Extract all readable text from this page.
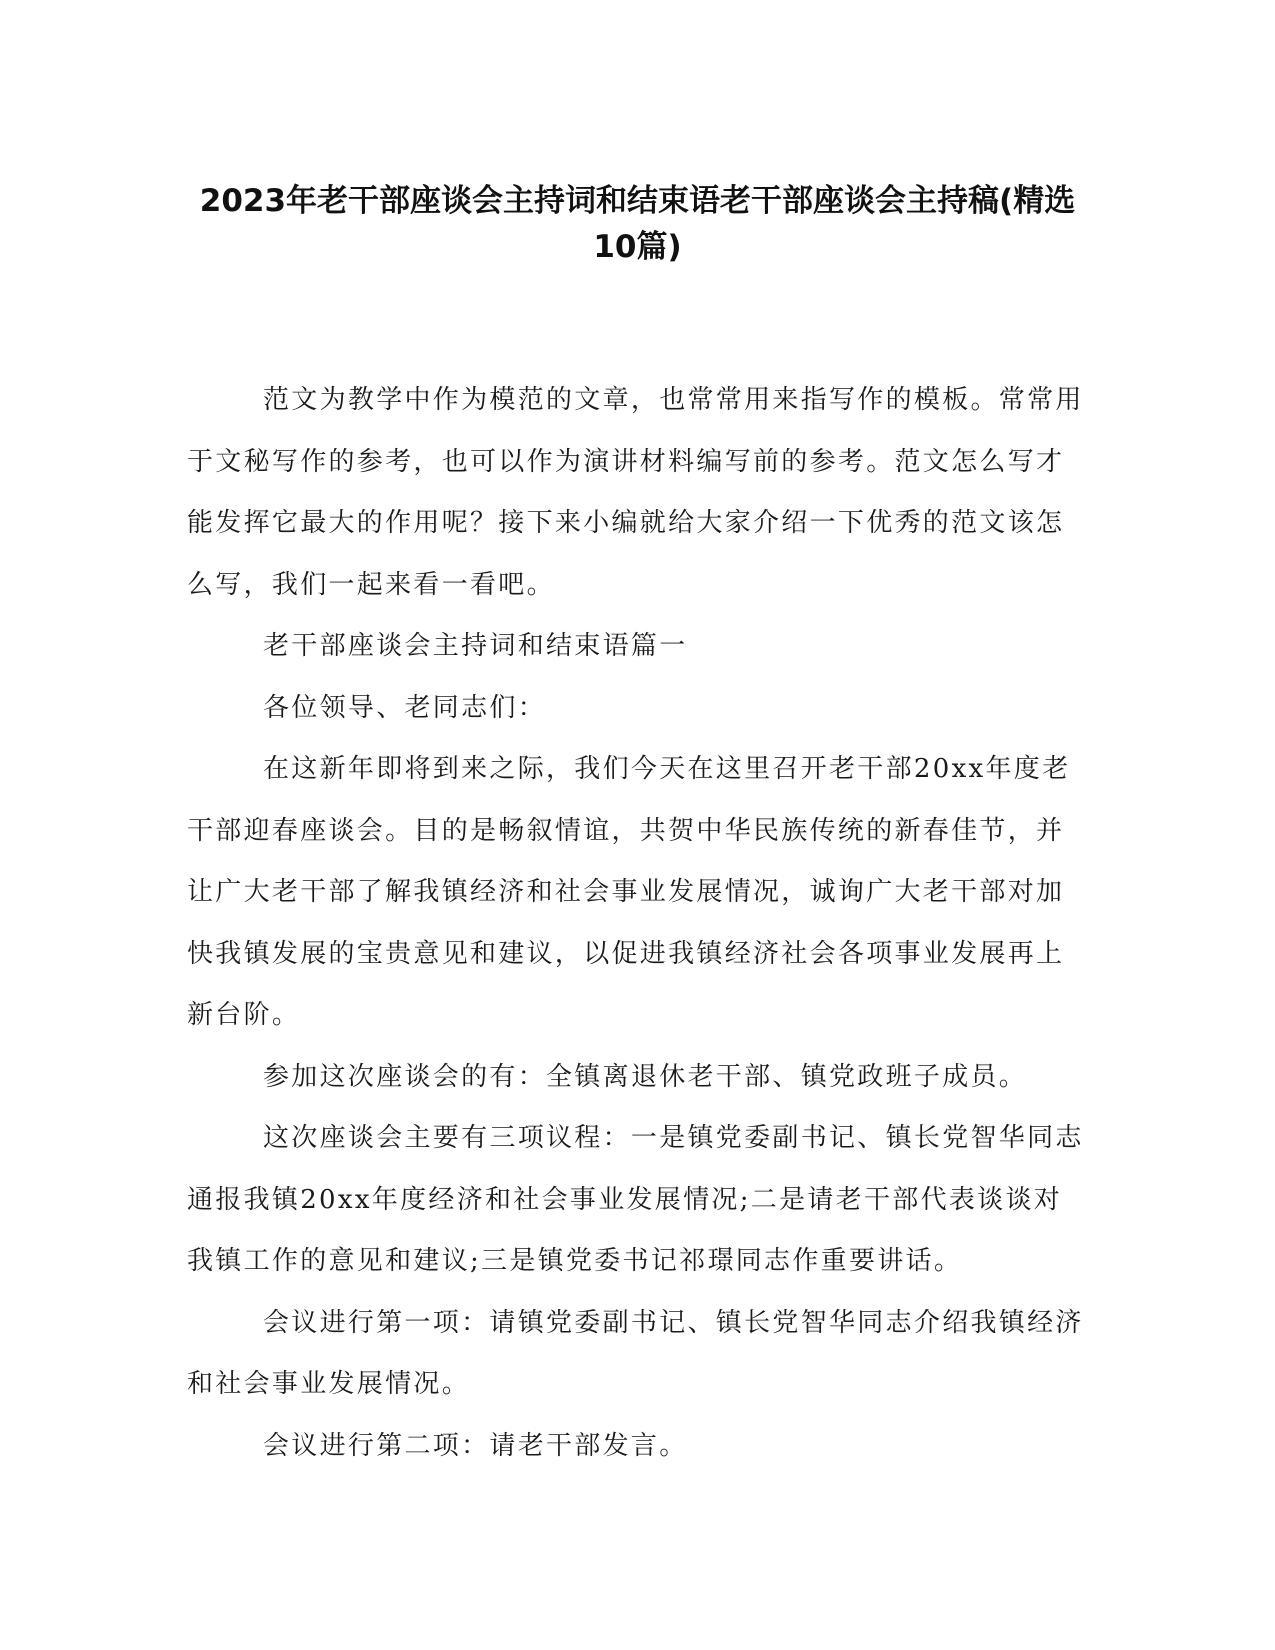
2023年老干部座谈会主持词和结束语老干部座谈会主持稿(精选10篇)

范文为教学中作为模范的文章，也常常用来指写作的模板。常常用于文秘写作的参考，也可以作为演讲材料编写前的参考。范文怎么写才能发挥它最大的作用呢？接下来小编就给大家介绍一下优秀的范文该怎么写，我们一起来看一看吧。

老干部座谈会主持词和结束语篇一

各位领导、老同志们：

在这新年即将到来之际，我们今天在这里召开老干部20xx年度老干部迎春座谈会。目的是畅叙情谊，共贺中华民族传统的新春佳节，并让广大老干部了解我镇经济和社会事业发展情况，诚询广大老干部对加快我镇发展的宝贵意见和建议，以促进我镇经济社会各项事业发展再上新台阶。

参加这次座谈会的有：全镇离退休老干部、镇党政班子成员。

这次座谈会主要有三项议程：一是镇党委副书记、镇长党智华同志通报我镇20xx年度经济和社会事业发展情况;二是请老干部代表谈谈对我镇工作的意见和建议;三是镇党委书记祁璟同志作重要讲话。

会议进行第一项：请镇党委副书记、镇长党智华同志介绍我镇经济和社会事业发展情况。

会议进行第二项：请老干部发言。
